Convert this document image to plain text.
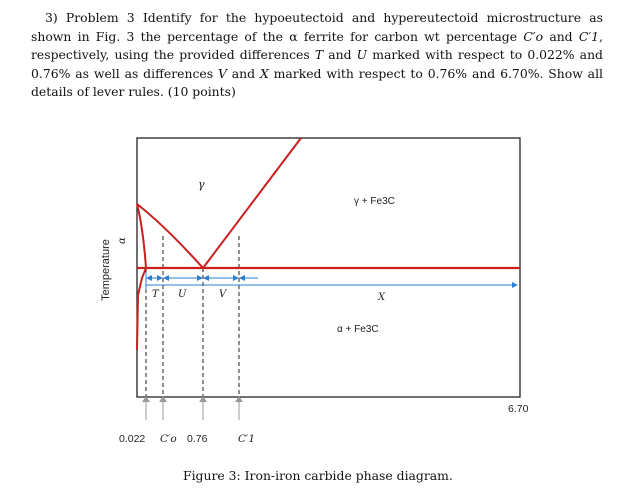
3) Problem 3 Identify for the hypoeutectoid and hypereutectoid microstructure as shown in Fig. 3 the percentage of the α ferrite for carbon wt percentage C′o and C′1, respectively, using the provided differences T and U marked with respect to 0.022% and 0.76% as well as differences V and X marked with respect to 0.76% and 6.70%. Show all details of lever rules. (10 points)
Temperature
γ
α
γ + Fe3C
α + Fe3C
T U	V	X
0.022 C′o 0.76	C′1
6.70
Figure 3: Iron-iron carbide phase diagram.
